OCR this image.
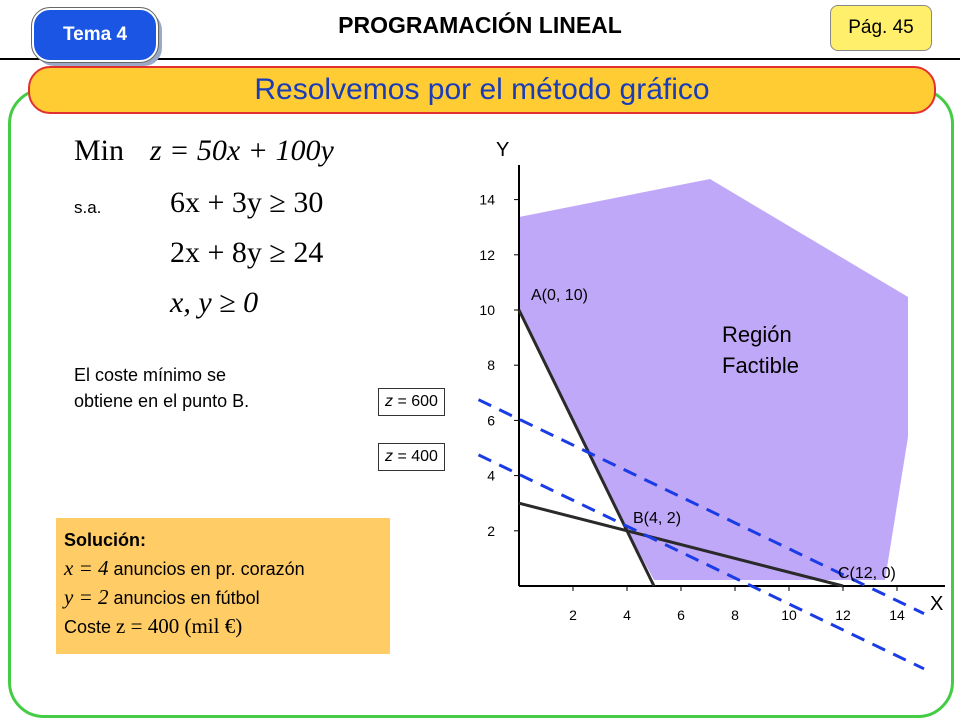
Tema 4	PROGRAMACIÓN LINEAL	Pág. 45
Resolvemos por el método gráfico
Min z = 50x + 100y
s.a. 6x + 3y ≥ 30
2x + 8y ≥ 24
x, y ≥ 0
El coste mínimo se
obtiene en el punto B.
Solución:
x = 4 anuncios en pr. corazón
y = 2 anuncios en fútbol
Coste z = 400 (mil €)
Y
X
2	4	6	8	10	12	14
2
4
6
8
10
12
14
A(0, 10)
B(4, 2)
C(12, 0)
Región
Factible
z = 600
z = 400
